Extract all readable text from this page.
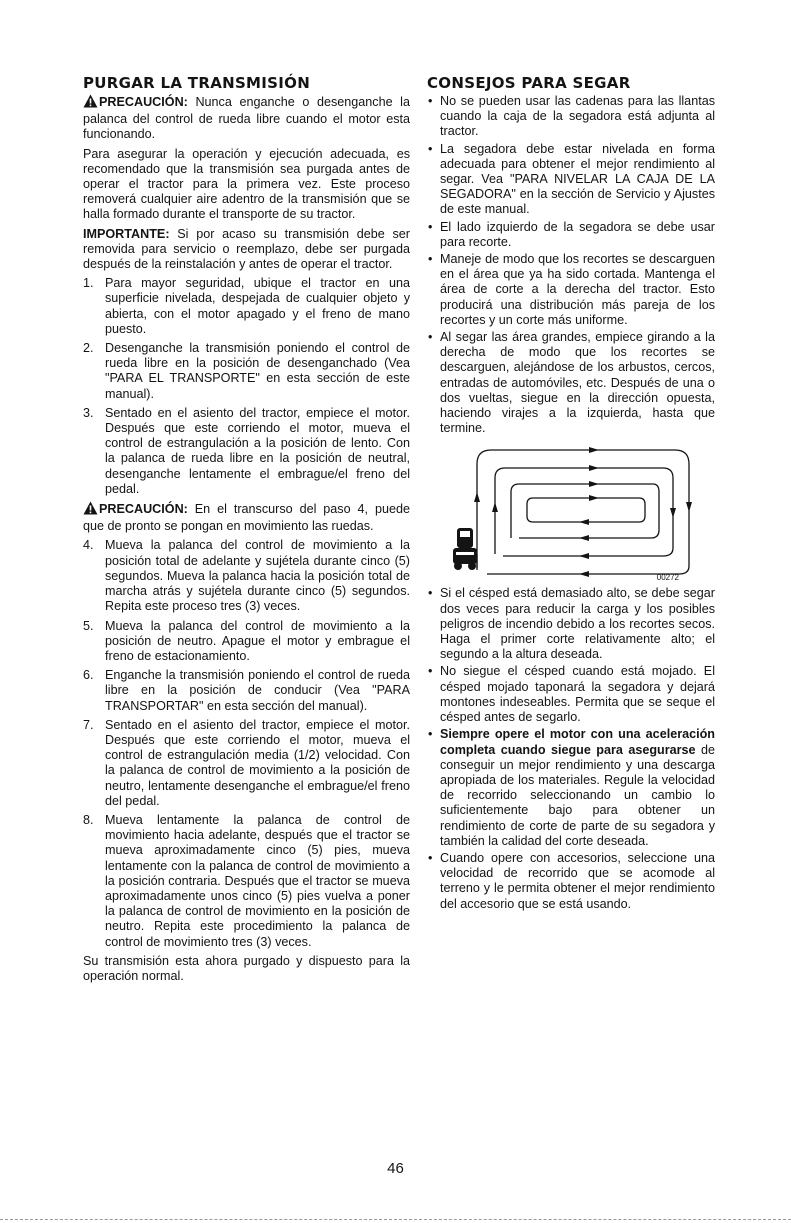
PURGAR LA TRANSMISIÓN

PRECAUCIÓN: Nunca enganche o desenganche la palanca del control de rueda libre cuando el motor esta funcionando.

Para asegurar la operación y ejecución adecuada, es recomendado que la transmisión sea purgada antes de operar el tractor para la primera vez. Este proceso removerá cualquier aire adentro de la transmisión que se halla formado durante el transporte de su tractor.

IMPORTANTE: Si por acaso su transmisión debe ser removida para servicio o reemplazo, debe ser purgada después de la reinstalación y antes de operar el tractor.

1. Para mayor seguridad, ubique el tractor en una superficie nivelada, despejada de cualquier objeto y abierta, con el motor apagado y el freno de mano puesto.
2. Desenganche la transmisión poniendo el control de rueda libre en la posición de desenganchado (Vea "PARA EL TRANSPORTE" en esta sección de este manual).
3. Sentado en el asiento del tractor, empiece el motor. Después que este corriendo el motor, mueva el control de estrangulación a la posición de lento. Con la palanca de rueda libre en la posición de neutral, desenganche lentamente el embrague/el freno del pedal.

PRECAUCIÓN: En el transcurso del paso 4, puede que de pronto se pongan en movimiento las ruedas.

4. Mueva la palanca del control de movimiento a la posición total de adelante y sujétela durante cinco (5) segundos. Mueva la palanca hacia la posición total de marcha atrás y sujétela durante cinco (5) segundos. Repita este proceso tres (3) veces.
5. Mueva la palanca del control de movimiento a la posición de neutro. Apague el motor y embrague el freno de estacionamiento.
6. Enganche la transmisión poniendo el control de rueda libre en la posición de conducir (Vea "PARA TRANSPORTAR" en esta sección del manual).
7. Sentado en el asiento del tractor, empiece el motor. Después que este corriendo el motor, mueva el control de estrangulación media (1/2) velocidad. Con la palanca de control de movimiento a la posición de neutro, lentamente desenganche el embrague/el freno del pedal.
8. Mueva lentamente la palanca de control de movimiento hacia adelante, después que el tractor se mueva aproximadamente cinco (5) pies, mueva lentamente con la palanca de control de movimiento a la posición contraria. Después que el tractor se mueva aproximadamente unos cinco (5) pies vuelva a poner la palanca de control de movimiento en la posición de neutro. Repita este procedimiento la palanca de control de movimiento tres (3) veces.

Su transmisión esta ahora purgado y dispuesto para la operación normal.

CONSEJOS PARA SEGAR
• No se pueden usar las cadenas para las llantas cuando la caja de la segadora está adjunta al tractor.
• La segadora debe estar nivelada en forma adecuada para obtener el mejor rendimiento al segar. Vea "PARA NIVELAR LA CAJA DE LA SEGADORA" en la sección de Servicio y Ajustes de este manual.
• El lado izquierdo de la segadora se debe usar para recorte.
• Maneje de modo que los recortes se descarguen en el área que ya ha sido cortada. Mantenga el área de corte a la derecha del tractor. Esto producirá una distribución más pareja de los recortes y un corte más uniforme.
• Al segar las área grandes, empiece girando a la derecha de modo que los recortes se descarguen, alejándose de los arbustos, cercos, entradas de automóviles, etc. Después de una o dos vueltas, siegue en la dirección opuesta, haciendo virajes a la izquierda, hasta que termine.
00272
• Si el césped está demasiado alto, se debe segar dos veces para reducir la carga y los posibles peligros de incendio debido a los recortes secos. Haga el primer corte relativamente alto; el segundo a la altura deseada.
• No siegue el césped cuando está mojado. El césped mojado taponará la segadora y dejará montones indeseables. Permita que se seque el césped antes de segarlo.
• Siempre opere el motor con una aceleración completa cuando siegue para asegurarse de conseguir un mejor rendimiento y una descarga apropiada de los materiales. Regule la velocidad de recorrido seleccionando un cambio lo suficientemente bajo para obtener un rendimiento de corte de parte de su segadora y también la calidad del corte deseada.
• Cuando opere con accesorios, seleccione una velocidad de recorrido que se acomode al terreno y le permita obtener el mejor rendimiento del accesorio que se está usando.
46
